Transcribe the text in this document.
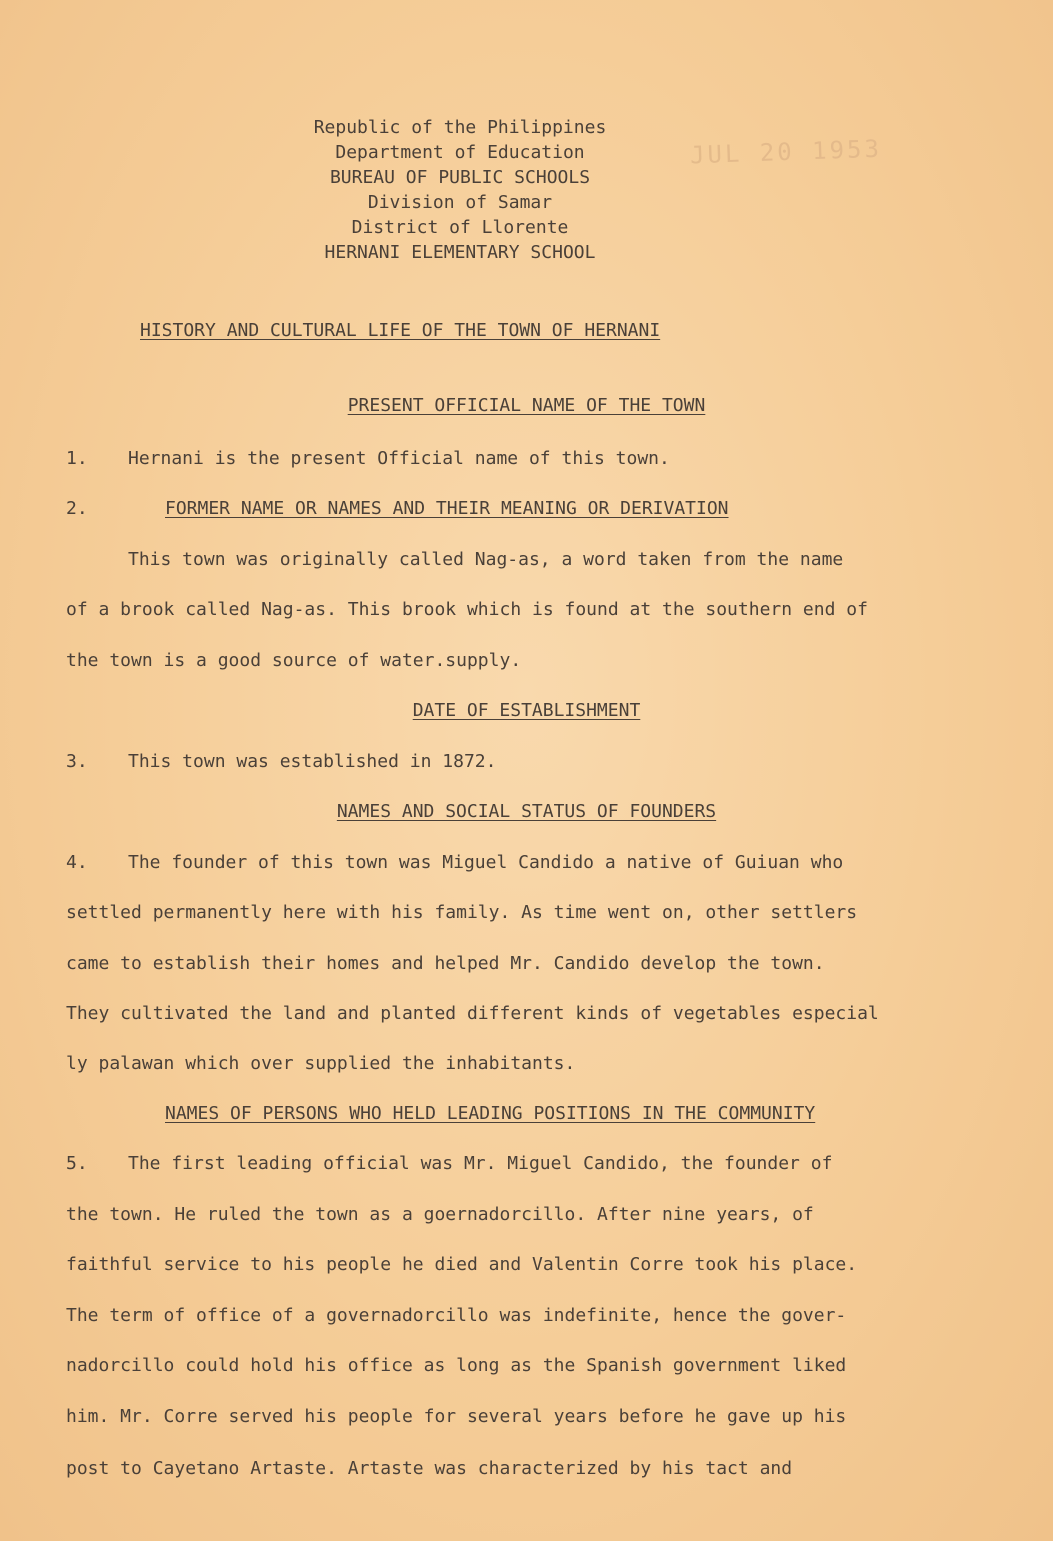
JUL 20 1953
Republic of the Philippines
Department of Education
BUREAU OF PUBLIC SCHOOLS
Division of Samar
District of Llorente
HERNANI ELEMENTARY SCHOOL
HISTORY AND CULTURAL LIFE OF THE TOWN OF HERNANI
PRESENT OFFICIAL NAME OF THE TOWN
1. Hernani is the present Official name of this town.
2.	FORMER NAME OR NAMES AND THEIR MEANING OR DERIVATION
This town was originally called Nag-as, a word taken from the name
of a brook called Nag-as. This brook which is found at the southern end of
the town is a good source of water.supply.
DATE OF ESTABLISHMENT
3. This town was established in 1872.
NAMES AND SOCIAL STATUS OF FOUNDERS
4. The founder of this town was Miguel Candido a native of Guiuan who
settled permanently here with his family. As time went on, other settlers
came to establish their homes and helped Mr. Candido develop the town.
They cultivated the land and planted different kinds of vegetables especial
ly palawan which over supplied the inhabitants.
NAMES OF PERSONS WHO HELD LEADING POSITIONS IN THE COMMUNITY
5. The first leading official was Mr. Miguel Candido, the founder of
the town. He ruled the town as a goernadorcillo. After nine years, of
faithful service to his people he died and Valentin Corre took his place.
The term of office of a governadorcillo was indefinite, hence the gover-
nadorcillo could hold his office as long as the Spanish government liked
him. Mr. Corre served his people for several years before he gave up his
post to Cayetano Artaste. Artaste was characterized by his tact and
